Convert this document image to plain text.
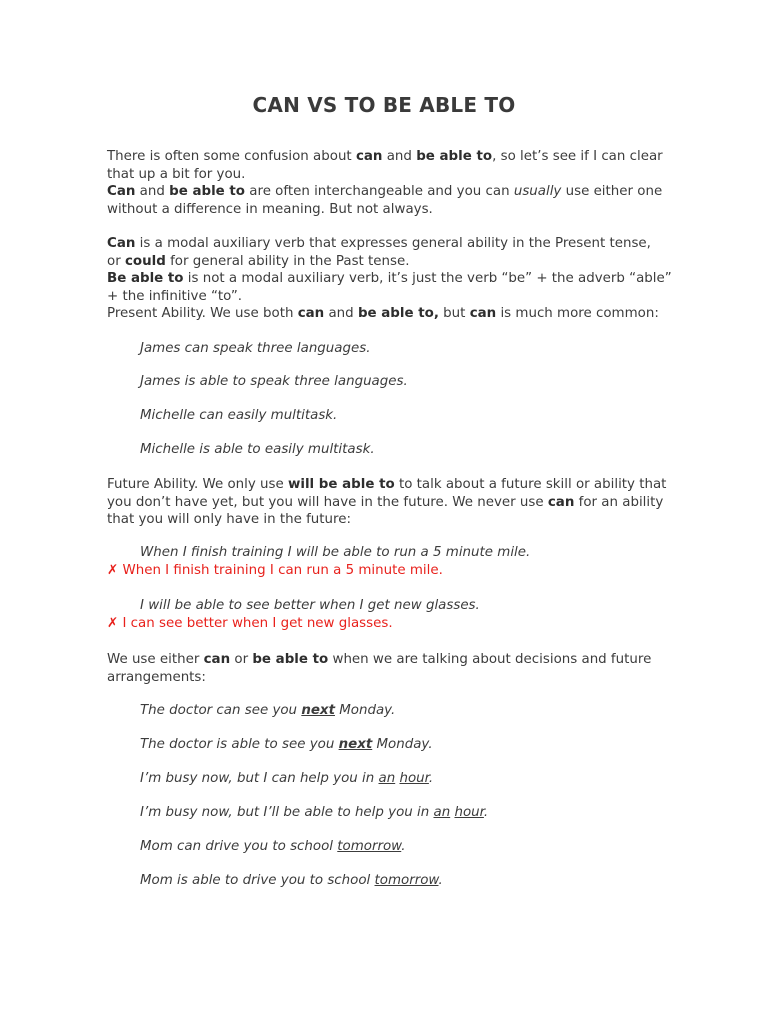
CAN VS TO BE ABLE TO

There is often some confusion about can and be able to, so let’s see if I can clear
that up a bit for you.
Can and be able to are often interchangeable and you can usually use either one
without a difference in meaning. But not always.

Can is a modal auxiliary verb that expresses general ability in the Present tense,
or could for general ability in the Past tense.
Be able to is not a modal auxiliary verb, it’s just the verb “be” + the adverb “able”
+ the infinitive “to”.
Present Ability. We use both can and be able to, but can is much more common:

James can speak three languages.

James is able to speak three languages.

Michelle can easily multitask.

Michelle is able to easily multitask.

Future Ability. We only use will be able to to talk about a future skill or ability that
you don’t have yet, but you will have in the future. We never use can for an ability
that you will only have in the future:

When I finish training I will be able to run a 5 minute mile.

✗ When I finish training I can run a 5 minute mile.

I will be able to see better when I get new glasses.

✗ I can see better when I get new glasses.

We use either can or be able to when we are talking about decisions and future
arrangements:

The doctor can see you next Monday.

The doctor is able to see you next Monday.

I’m busy now, but I can help you in an hour.

I’m busy now, but I’ll be able to help you in an hour.

Mom can drive you to school tomorrow.

Mom is able to drive you to school tomorrow.
